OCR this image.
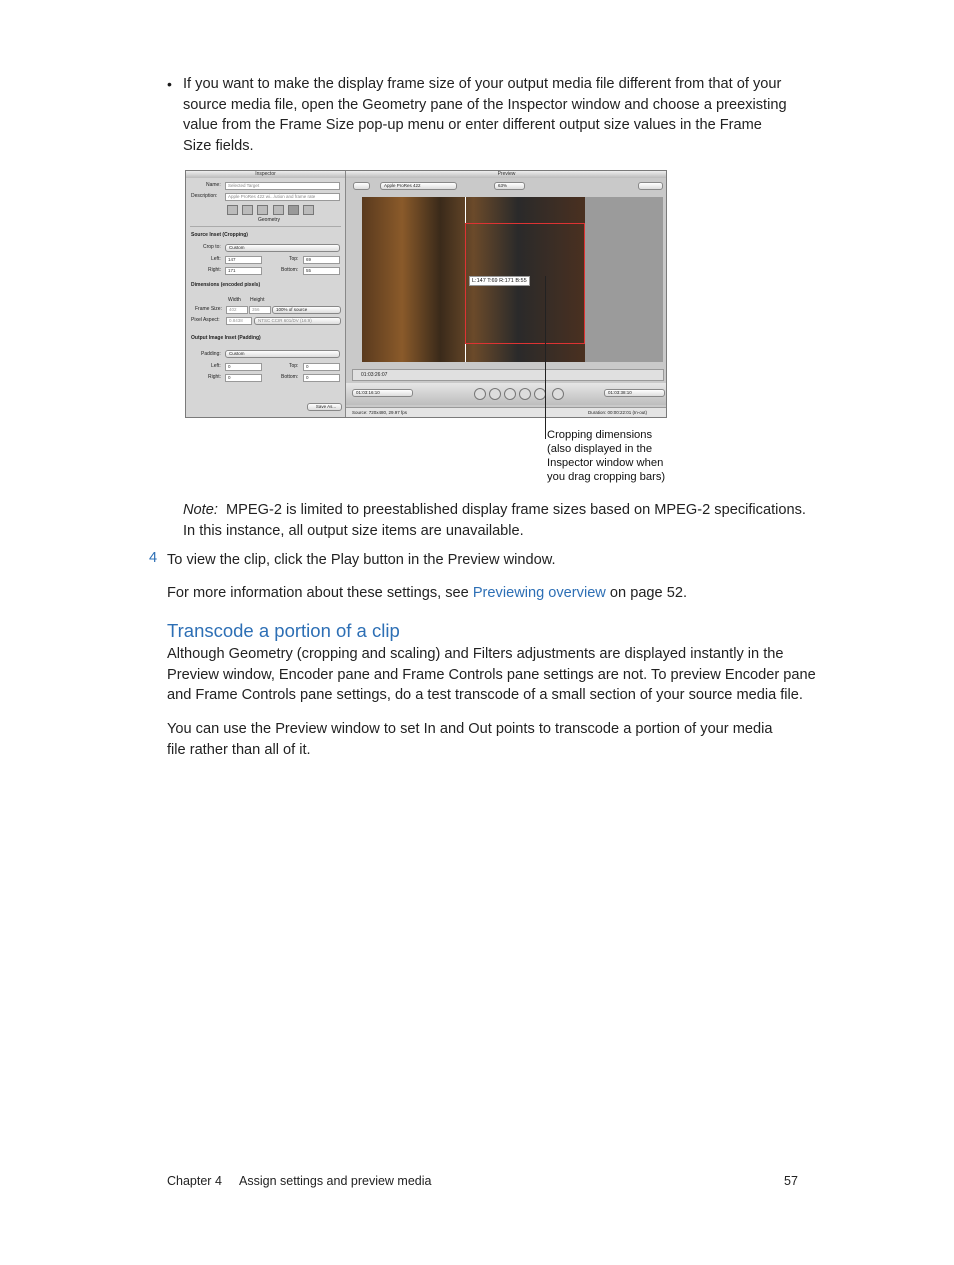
• If you want to make the display frame size of your output media file different from that of your
source media file, open the Geometry pane of the Inspector window and choose a preexisting
value from the Frame Size pop-up menu or enter different output size values in the Frame
Size fields.
Inspector
Name:	Selected Target
Description:	Apple ProRes 422 wi.../ution and frame rate
Geometry
Source Inset (Cropping)
Crop to:	Custom
Left:	147	Top:	69
Right:	171	Bottom:	55
Dimensions (encoded pixels)
Width Height
Frame Size:	402	356	100% of source
Pixel Aspect:	0.8438	NTSC CCIR 601/DV (16:9)
Output Image Inset (Padding)
Padding:	Custom
Left:	0	Top:	0
Right:	0	Bottom:	0
Save As...
Preview
Apple ProRes 422	63%
L:147 T:69 R:171 B:55
01:03:26:07
01:03:16:10	01:03:38:10
Source: 720x480, 29.97 fps	Duration: 00:00:22:01 (In-out)
Cropping dimensions
(also displayed in the
Inspector window when
you drag cropping bars)
Note: MPEG-2 is limited to preestablished display frame sizes based on MPEG-2 specifications.
In this instance, all output size items are unavailable.
4 To view the clip, click the Play button in the Preview window.
For more information about these settings, see Previewing overview on page 52.
Transcode a portion of a clip
Although Geometry (cropping and scaling) and Filters adjustments are displayed instantly in the
Preview window, Encoder pane and Frame Controls pane settings are not. To preview Encoder pane
and Frame Controls pane settings, do a test transcode of a small section of your source media file.
You can use the Preview window to set In and Out points to transcode a portion of your media
file rather than all of it.
Chapter 4 Assign settings and preview media	57
